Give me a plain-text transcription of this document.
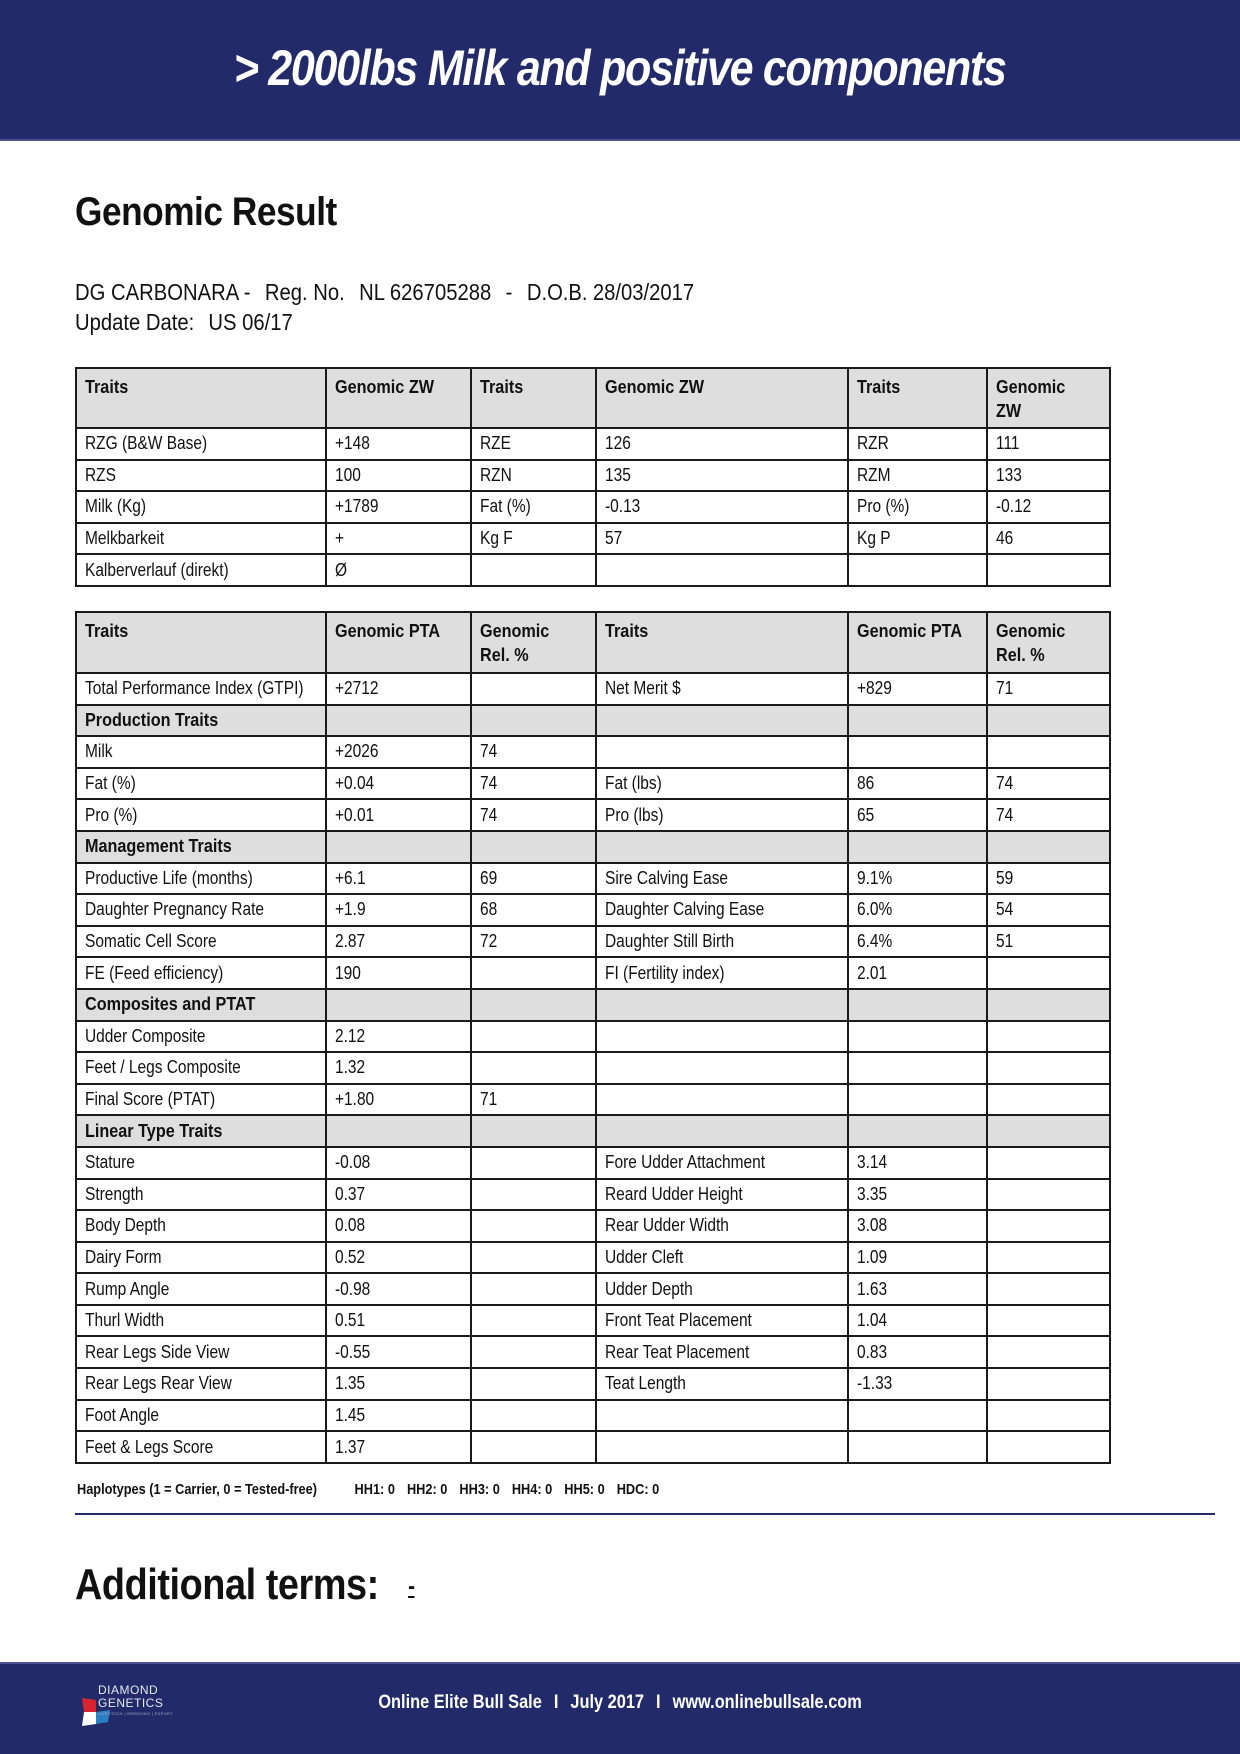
> 2000lbs Milk and positive components
Genomic Result
DG CARBONARA - Reg. No. NL 626705288 - D.O.B. 28/03/2017
Update Date: US 06/17
Traits	Genomic ZW	Traits	Genomic ZW	Traits	Genomic ZW
RZG (B&W Base)	+148	RZE	126	RZR	111
RZS	100	RZN	135	RZM	133
Milk (Kg)	+1789	Fat (%)	-0.13	Pro (%)	-0.12
Melkbarkeit	+	Kg F	57	Kg P	46
Kalberverlauf (direkt)	Ø				
Traits	Genomic PTA	Genomic Rel. %	Traits	Genomic PTA	Genomic Rel. %

Total Performance Index (GTPI)	+2712		Net Merit $	+829	71
Production Traits					
Milk	+2026	74			
Fat (%)	+0.04	74	Fat (lbs)	86	74
Pro (%)	+0.01	74	Pro (lbs)	65	74
Management Traits					
Productive Life (months)	+6.1	69	Sire Calving Ease	9.1%	59
Daughter Pregnancy Rate	+1.9	68	Daughter Calving Ease	6.0%	54
Somatic Cell Score	2.87	72	Daughter Still Birth	6.4%	51
FE (Feed efficiency)	190		FI (Fertility index)	2.01	
Composites and PTAT					
Udder Composite	2.12				
Feet / Legs Composite	1.32				
Final Score (PTAT)	+1.80	71			
Linear Type Traits					
Stature	-0.08		Fore Udder Attachment	3.14	
Strength	0.37		Reard Udder Height	3.35	
Body Depth	0.08		Rear Udder Width	3.08	
Dairy Form	0.52		Udder Cleft	1.09	
Rump Angle	-0.98		Udder Depth	1.63	
Thurl Width	0.51		Front Teat Placement	1.04	
Rear Legs Side View	-0.55		Rear Teat Placement	0.83	
Rear Legs Rear View	1.35		Teat Length	-1.33	
Foot Angle	1.45				
Feet & Legs Score	1.37				
Haplotypes (1 = Carrier, 0 = Tested-free)	HH1: 0 HH2: 0 HH3: 0 HH4: 0 HH5: 0 HDC: 0
Additional terms: -
DIAMOND
GENETICS
LIVESTOCK | BREEDING | EXPORT
Online Elite Bull Sale I July 2017 I www.onlinebullsale.com
